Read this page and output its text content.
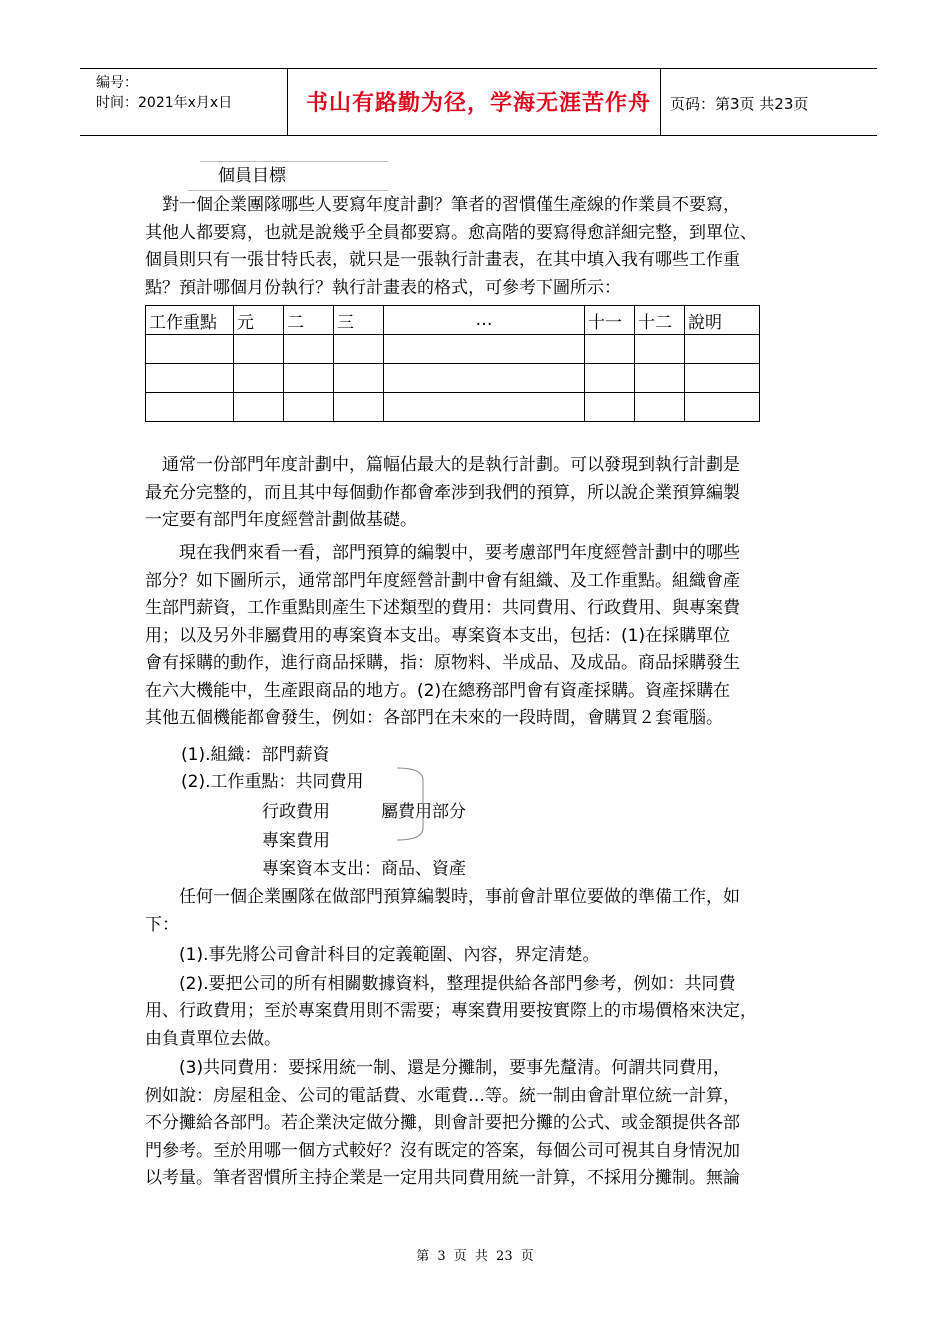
编号：
时间：2021年x月x日	书山有路勤为径，学海无涯苦作舟 页码：第3页 共23页
個員目標
　對一個企業團隊哪些人要寫年度計劃？筆者的習慣僅生產線的作業員不要寫，
其他人都要寫，也就是說幾乎全員都要寫。愈高階的要寫得愈詳細完整，到單位、
個員則只有一張甘特氏表，就只是一張執行計畫表，在其中填入我有哪些工作重
點？預計哪個月份執行？執行計畫表的格式，可參考下圖所示：
工作重點	元	二	三	…	十一	十二	說明

　通常一份部門年度計劃中，篇幅佔最大的是執行計劃。可以發現到執行計劃是
最充分完整的，而且其中每個動作都會牽涉到我們的預算，所以說企業預算編製
一定要有部門年度經營計劃做基礎。
　　現在我們來看一看，部門預算的編製中，要考慮部門年度經營計劃中的哪些
部分？如下圖所示，通常部門年度經營計劃中會有組織、及工作重點。組織會產
生部門薪資，工作重點則產生下述類型的費用：共同費用、行政費用、與專案費
用；以及另外非屬費用的專案資本支出。專案資本支出，包括：(1)在採購單位
會有採購的動作，進行商品採購，指：原物料、半成品、及成品。商品採購發生
在六大機能中，生產跟商品的地方。(2)在總務部門會有資產採購。資產採購在
其他五個機能都會發生，例如：各部門在未來的一段時間，會購買２套電腦。
(1).組織：部門薪資
(2).工作重點：共同費用
行政費用	屬費用部分
專案費用
專案資本支出：商品、資產
　　任何一個企業團隊在做部門預算編製時，事前會計單位要做的準備工作，如
下：
　　(1).事先將公司會計科目的定義範圍、內容，界定清楚。
　　(2).要把公司的所有相關數據資料，整理提供給各部門參考，例如：共同費
用、行政費用；至於專案費用則不需要；專案費用要按實際上的市場價格來決定，
由負責單位去做。
　　(3)共同費用：要採用統一制、還是分攤制，要事先釐清。何謂共同費用，
例如說：房屋租金、公司的電話費、水電費…等。統一制由會計單位統一計算，
不分攤給各部門。若企業決定做分攤，則會計要把分攤的公式、或金額提供各部
門參考。至於用哪一個方式較好？沒有既定的答案，每個公司可視其自身情況加
以考量。筆者習慣所主持企業是一定用共同費用統一計算，不採用分攤制。無論
第 3 页 共 23 页
